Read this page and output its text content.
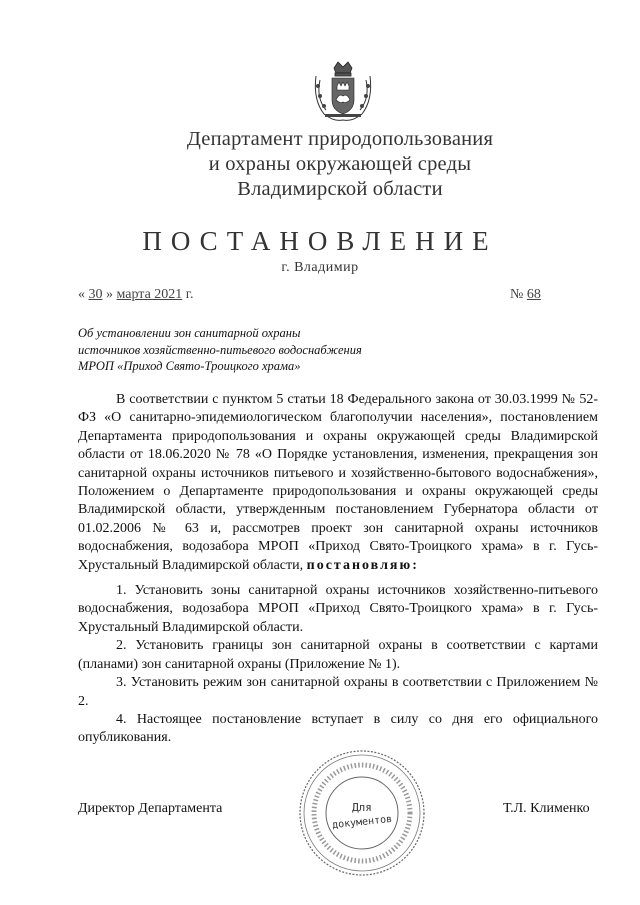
Департамент природопользования
и охраны окружающей среды
Владимирской области
ПОСТАНОВЛЕНИЕ
г. Владимир
« 30 » марта 2021 г.	№ 68
Об установлении зон санитарной охраны
источников хозяйственно-питьевого водоснабжения
МРОП «Приход Свято-Троицкого храма»

В соответствии с пунктом 5 статьи 18 Федерального закона от 30.03.1999 № 52-ФЗ «О санитарно-эпидемиологическом благополучии населения», постановлением Департамента природопользования и охраны окружающей среды Владимирской области от 18.06.2020 № 78 «О Порядке установления, изменения, прекращения зон санитарной охраны источников питьевого и хозяйственно-бытового водоснабжения», Положением о Департаменте природопользования и охраны окружающей среды Владимирской области, утвержденным постановлением Губернатора области от 01.02.2006 № 63 и, рассмотрев проект зон санитарной охраны источников водоснабжения, водозабора МРОП «Приход Свято-Троицкого храма» в г. Гусь-Хрустальный Владимирской области, постановляю:

1. Установить зоны санитарной охраны источников хозяйственно-питьевого водоснабжения, водозабора МРОП «Приход Свято-Троицкого храма» в г. Гусь-Хрустальный Владимирской области.

2. Установить границы зон санитарной охраны в соответствии с картами (планами) зон санитарной охраны (Приложение № 1).

3. Установить режим зон санитарной охраны в соответствии с Приложением № 2.

4. Настоящее постановление вступает в силу со дня его официального опубликования.

Директор Департамента	Т.Л. Клименко
Для
документов
